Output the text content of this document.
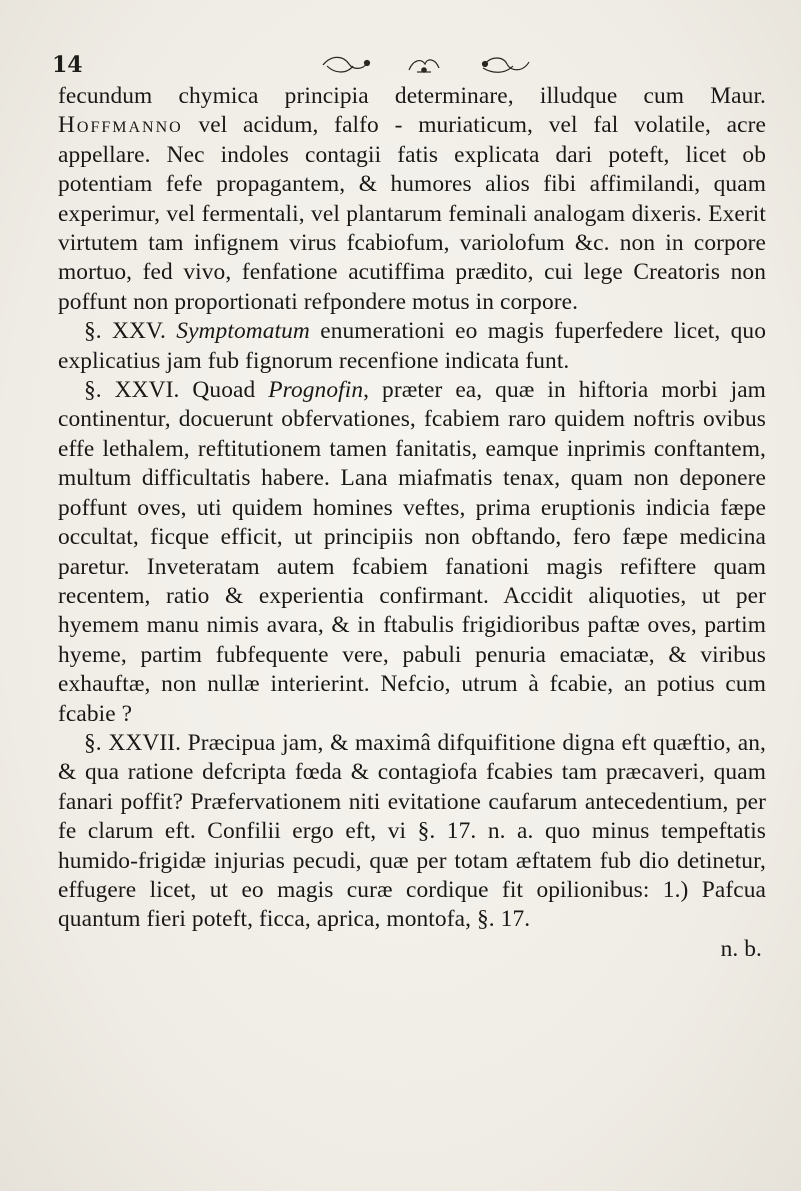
14

fecundum chymica principia determinare, illudque cum Maur. Hoffmanno vel acidum, falfo - muriaticum, vel fal volatile, acre appellare. Nec indoles contagii fatis explicata dari poteft, licet ob potentiam fefe propagantem, & humores alios fibi affimilandi, quam experimur, vel fermentali, vel plantarum feminali analogam dixeris. Exerit virtutem tam infignem virus fcabiofum, variolofum &c. non in corpore mortuo, fed vivo, fenfatione acutiffima prædito, cui lege Creatoris non poffunt non proportionati refpondere motus in corpore.

§. XXV. Symptomatum enumerationi eo magis fuperfedere licet, quo explicatius jam fub fignorum recenfione indicata funt.

§. XXVI. Quoad Prognofin, præter ea, quæ in hiftoria morbi jam continentur, docuerunt obfervationes, fcabiem raro quidem noftris ovibus effe lethalem, reftitutionem tamen fanitatis, eamque inprimis conftantem, multum difficultatis habere. Lana miafmatis tenax, quam non deponere poffunt oves, uti quidem homines veftes, prima eruptionis indicia fæpe occultat, ficque efficit, ut principiis non obftando, fero fæpe medicina paretur. Inveteratam autem fcabiem fanationi magis refiftere quam recentem, ratio & experientia confirmant. Accidit aliquoties, ut per hyemem manu nimis avara, & in ftabulis frigidioribus paftæ oves, partim hyeme, partim fubfequente vere, pabuli penuria emaciatæ, & viribus exhauftæ, non nullæ interierint. Nefcio, utrum à fcabie, an potius cum fcabie ?

§. XXVII. Præcipua jam, & maximâ difquifitione digna eft quæftio, an, & qua ratione defcripta fœda & contagiofa fcabies tam præcaveri, quam fanari poffit? Præfervationem niti evitatione caufarum antecedentium, per fe clarum eft. Confilii ergo eft, vi §. 17. n. a. quo minus tempeftatis humido-frigidæ injurias pecudi, quæ per totam æftatem fub dio detinetur, effugere licet, ut eo magis curæ cordique fit opilionibus: 1.) Pafcua quantum fieri poteft, ficca, aprica, montofa, §. 17.

n. b.
